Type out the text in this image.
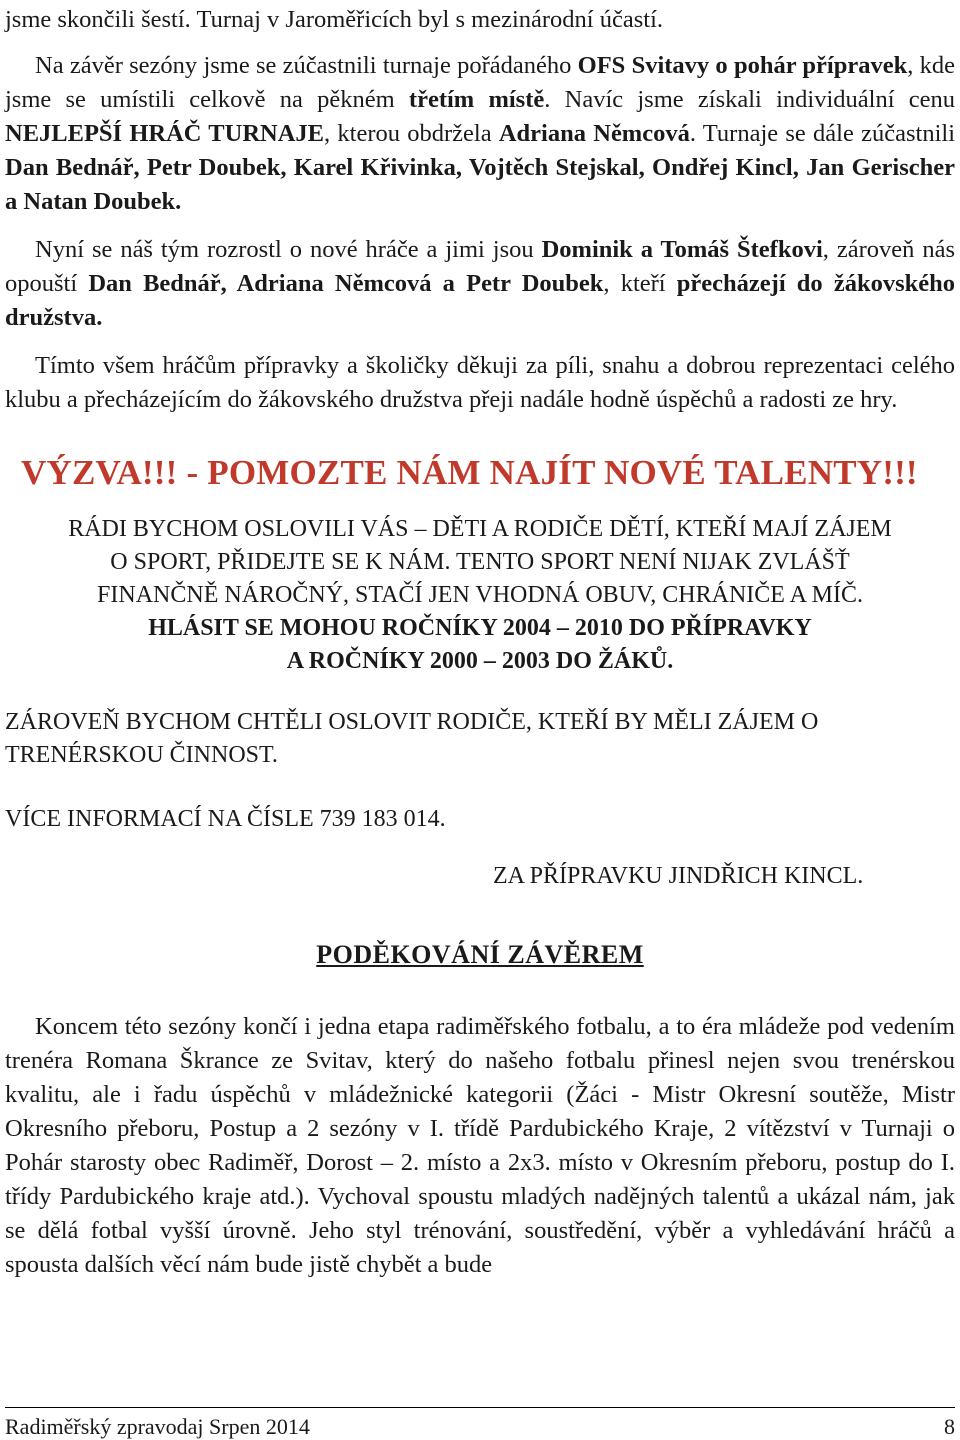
jsme skončili šestí. Turnaj v Jaroměřicích byl s mezinárodní účastí.

Na závěr sezóny jsme se zúčastnili turnaje pořádaného OFS Svitavy o pohár přípravek, kde jsme se umístili celkově na pěkném třetím místě. Navíc jsme získali individuální cenu NEJLEPŠÍ HRÁČ TURNAJE, kterou obdržela Adriana Němcová. Turnaje se dále zúčastnili Dan Bednář, Petr Doubek, Karel Křivinka, Vojtěch Stejskal, Ondřej Kincl, Jan Gerischer a Natan Doubek.

Nyní se náš tým rozrostl o nové hráče a jimi jsou Dominik a Tomáš Štefkovi, zároveň nás opouští Dan Bednář, Adriana Němcová a Petr Doubek, kteří přecházejí do žákovského družstva.

Tímto všem hráčům přípravky a školičky děkuji za píli, snahu a dobrou reprezentaci celého klubu a přecházejícím do žákovského družstva přeji nadále hodně úspěchů a radosti ze hry.

VÝZVA!!! - POMOZTE NÁM NAJÍT NOVÉ TALENTY!!!
RÁDI BYCHOM OSLOVILI VÁS – DĚTI A RODIČE DĚTÍ, KTEŘÍ MAJÍ ZÁJEM
O SPORT, PŘIDEJTE SE K NÁM. TENTO SPORT NENÍ NIJAK ZVLÁŠŤ
FINANČNĚ NÁROČNÝ, STAČÍ JEN VHODNÁ OBUV, CHRÁNIČE A MÍČ.
HLÁSIT SE MOHOU ROČNÍKY 2004 – 2010 DO PŘÍPRAVKY
A ROČNÍKY 2000 – 2003 DO ŽÁKŮ.
ZÁROVEŇ BYCHOM CHTĚLI OSLOVIT RODIČE, KTEŘÍ BY MĚLI ZÁJEM O TRENÉRSKOU ČINNOST.
VÍCE INFORMACÍ NA ČÍSLE 739 183 014.
ZA PŘÍPRAVKU JINDŘICH KINCL.
PODĚKOVÁNÍ ZÁVĚREM

Koncem této sezóny končí i jedna etapa radiměřského fotbalu, a to éra mládeže pod vedením trenéra Romana Škrance ze Svitav, který do našeho fotbalu přinesl nejen svou trenérskou kvalitu, ale i řadu úspěchů v mládežnické kategorii (Žáci - Mistr Okresní soutěže, Mistr Okresního přeboru, Postup a 2 sezóny v I. třídě Pardubického Kraje, 2 vítězství v Turnaji o Pohár starosty obec Radiměř, Dorost – 2. místo a 2x3. místo v Okresním přeboru, postup do I. třídy Pardubického kraje atd.). Vychoval spoustu mladých nadějných talentů a ukázal nám, jak se dělá fotbal vyšší úrovně. Jeho styl trénování, soustředění, výběr a vyhledávání hráčů a spousta dalších věcí nám bude jistě chybět a bude

Radiměřský zpravodaj Srpen 2014	8
